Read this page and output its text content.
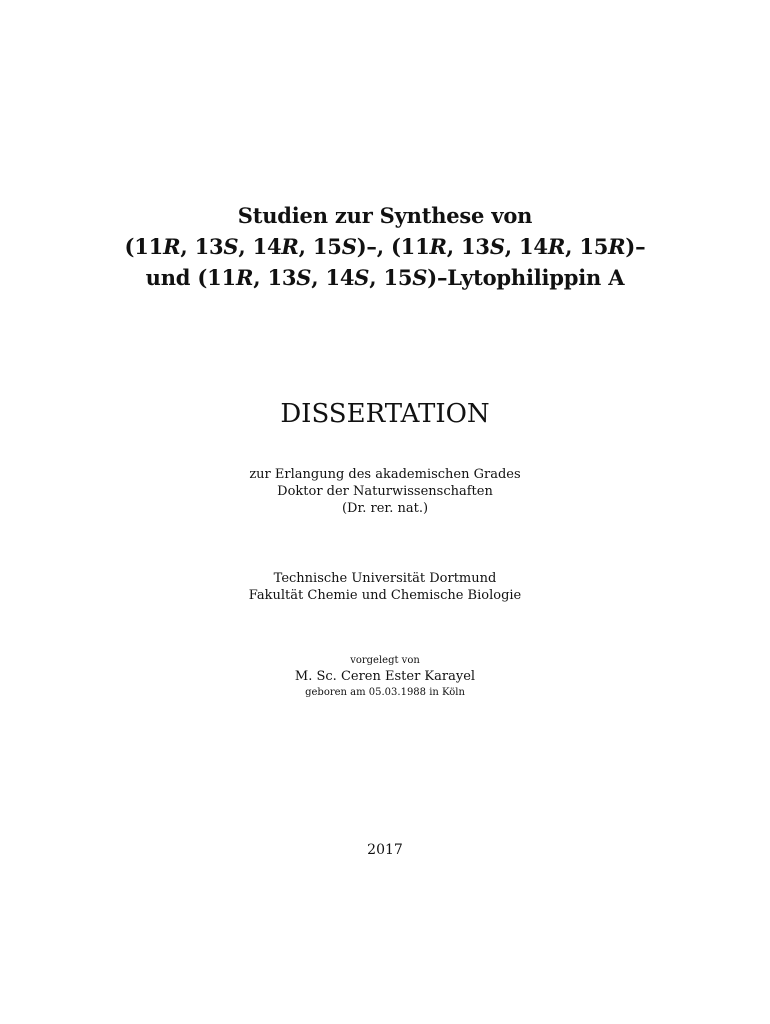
Studien zur Synthese von
(11R, 13S, 14R, 15S)–, (11R, 13S, 14R, 15R)–
und (11R, 13S, 14S, 15S)–Lytophilippin A
DISSERTATION
zur Erlangung des akademischen Grades
Doktor der Naturwissenschaften
(Dr. rer. nat.)
Technische Universität Dortmund
Fakultät Chemie und Chemische Biologie
vorgelegt von
M. Sc. Ceren Ester Karayel
geboren am 05.03.1988 in Köln
2017
